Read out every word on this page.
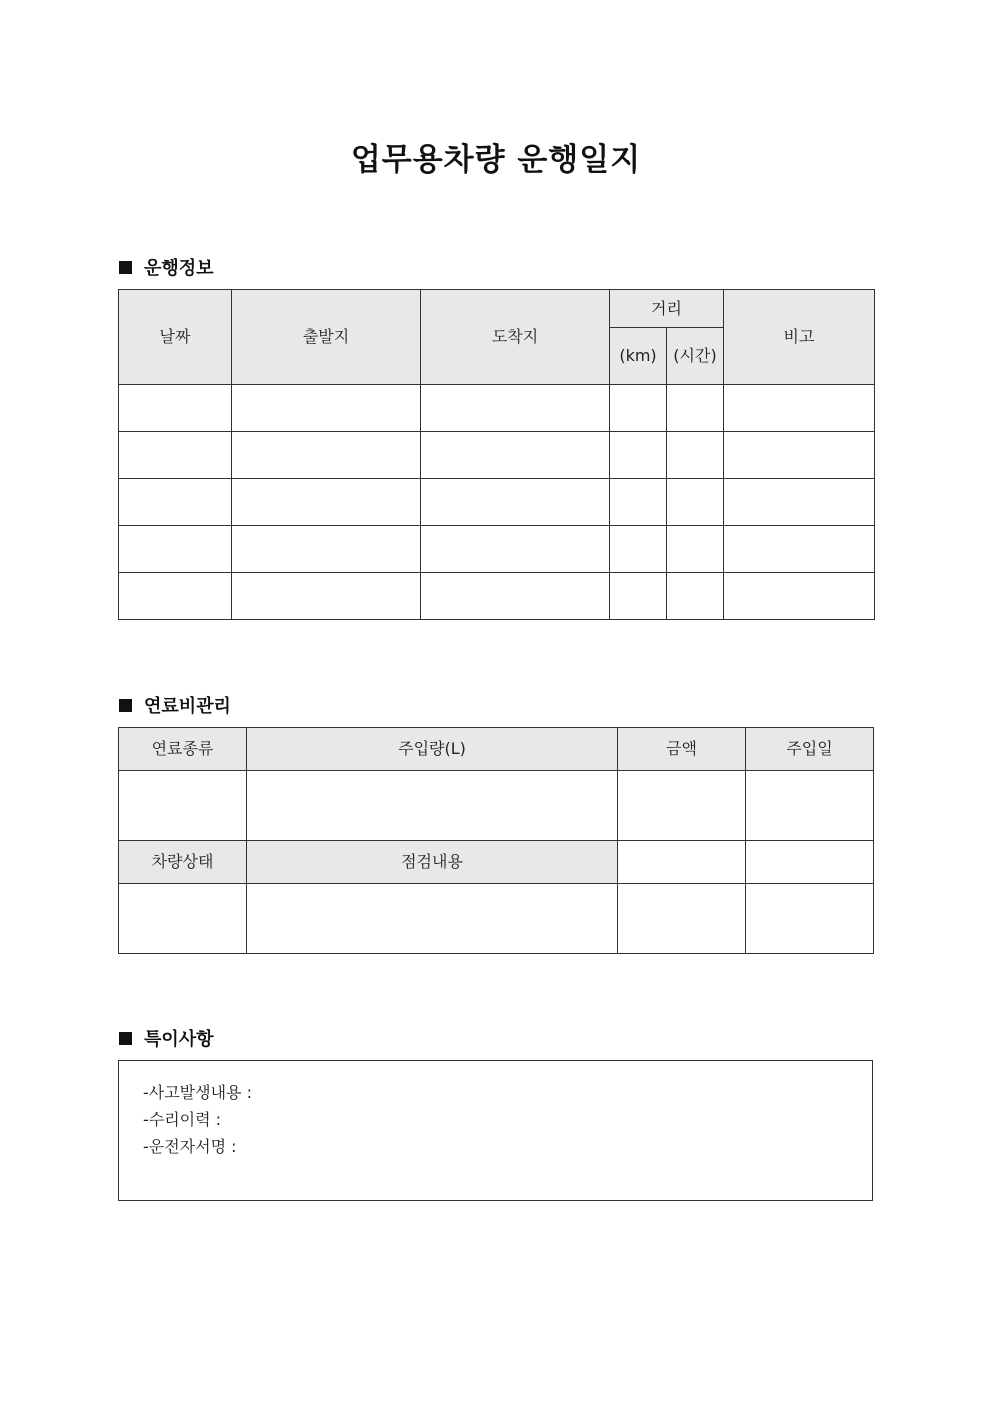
업무용차량 운행일지
운행정보
날짜	출발지	도착지	거리		비고
			(km)	(시간)	

연료비관리
연료종류	주입량(L)	금액	주입일

차량상태	점검내용		

특이사항
-사고발생내용 :
-수리이력 :
-운전자서명 :
